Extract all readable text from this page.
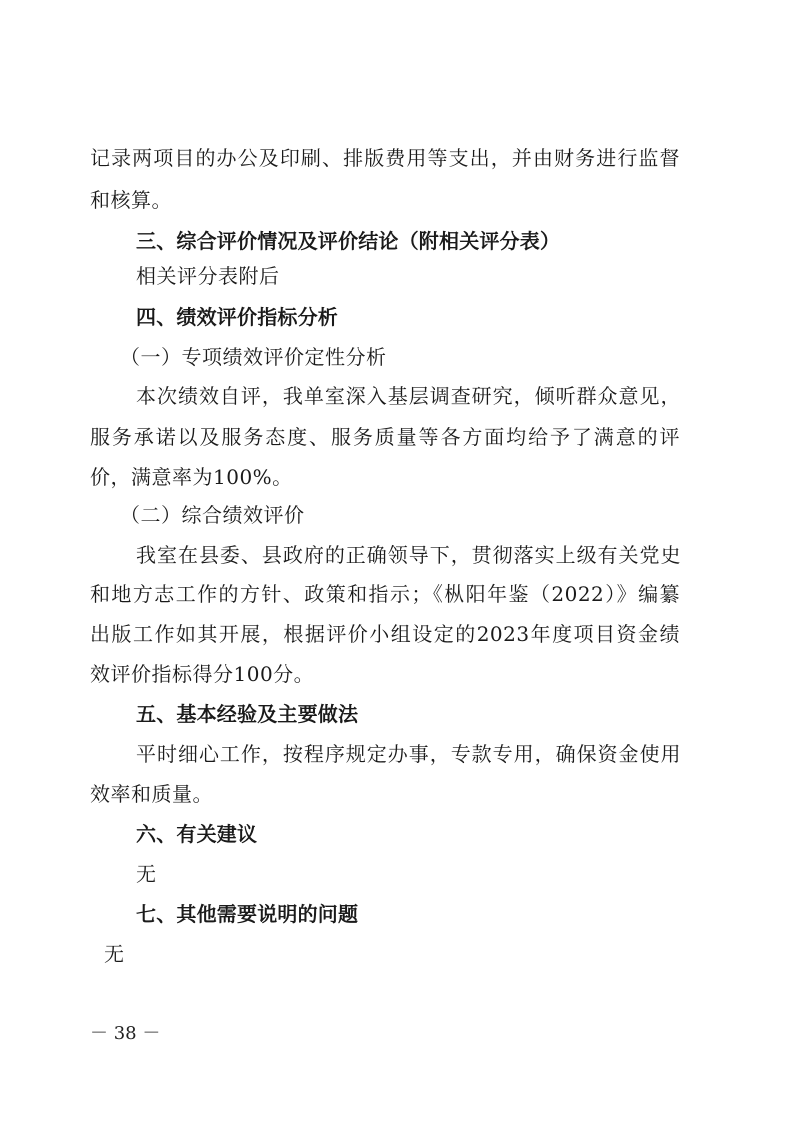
记录两项目的办公及印刷、排版费用等支出，并由财务进行监督
和核算。
三、综合评价情况及评价结论（附相关评分表）
相关评分表附后
四、绩效评价指标分析
（一）专项绩效评价定性分析
本次绩效自评，我单室深入基层调查研究，倾听群众意见，
服务承诺以及服务态度、服务质量等各方面均给予了满意的评
价，满意率为100%。
（二）综合绩效评价
我室在县委、县政府的正确领导下，贯彻落实上级有关党史
和地方志工作的方针、政策和指示；《枞阳年鉴（2022）》编纂
出版工作如其开展，根据评价小组设定的2023年度项目资金绩
效评价指标得分100分。
五、基本经验及主要做法
平时细心工作，按程序规定办事，专款专用，确保资金使用
效率和质量。
六、有关建议
无
七、其他需要说明的问题
无
－ 38 －
